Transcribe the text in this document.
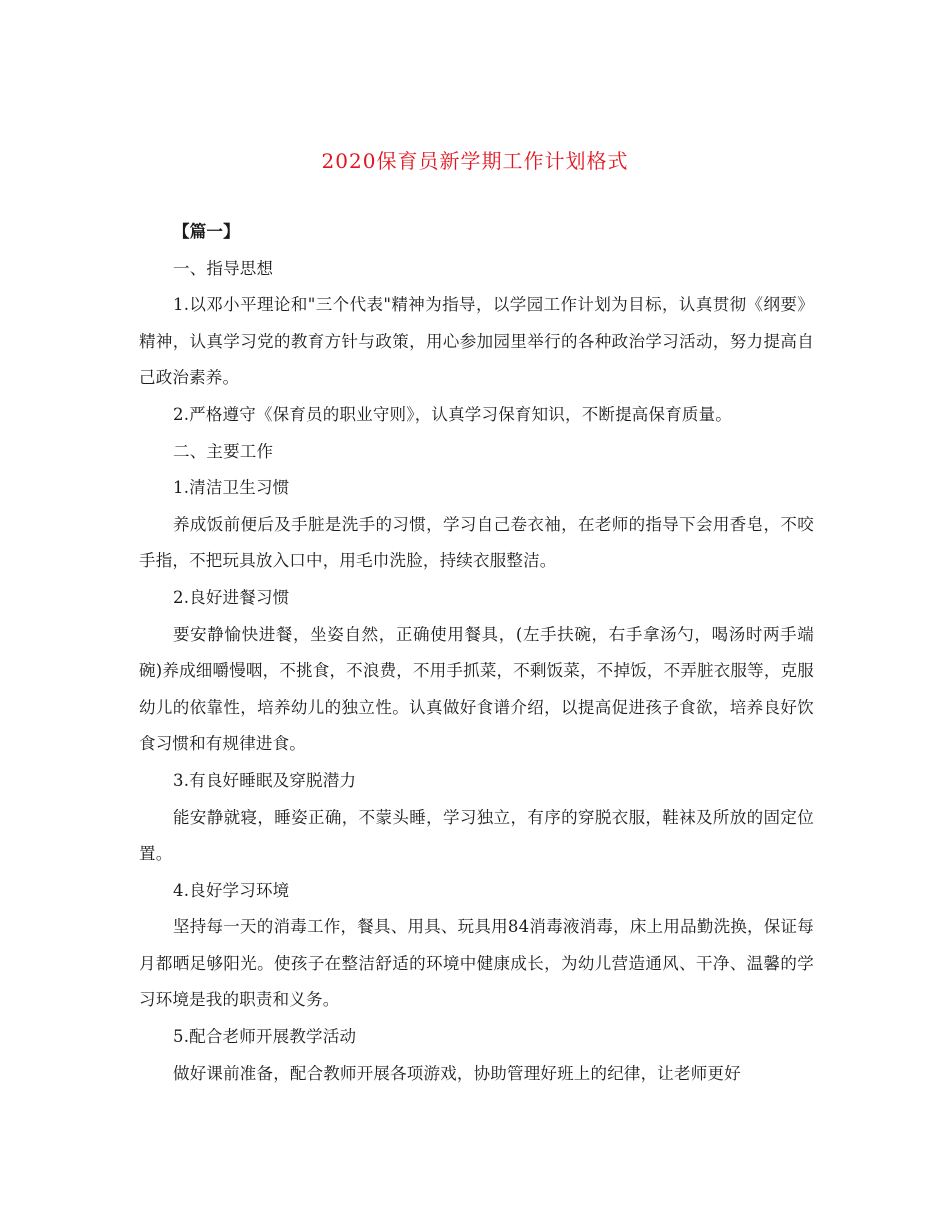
2020保育员新学期工作计划格式

【篇一】

一、指导思想

1.以邓小平理论和"三个代表"精神为指导，以学园工作计划为目标，认真贯彻《纲要》精神，认真学习党的教育方针与政策，用心参加园里举行的各种政治学习活动，努力提高自己政治素养。

2.严格遵守《保育员的职业守则》，认真学习保育知识，不断提高保育质量。

二、主要工作

1.清洁卫生习惯

养成饭前便后及手脏是洗手的习惯，学习自己卷衣袖，在老师的指导下会用香皂，不咬手指，不把玩具放入口中，用毛巾洗脸，持续衣服整洁。

2.良好进餐习惯

要安静愉快进餐，坐姿自然，正确使用餐具，(左手扶碗，右手拿汤勺，喝汤时两手端碗)养成细嚼慢咽，不挑食，不浪费，不用手抓菜，不剩饭菜，不掉饭，不弄脏衣服等，克服幼儿的依靠性，培养幼儿的独立性。认真做好食谱介绍，以提高促进孩子食欲，培养良好饮食习惯和有规律进食。

3.有良好睡眠及穿脱潜力

能安静就寝，睡姿正确，不蒙头睡，学习独立，有序的穿脱衣服，鞋袜及所放的固定位置。

4.良好学习环境

坚持每一天的消毒工作，餐具、用具、玩具用84消毒液消毒，床上用品勤洗换，保证每月都晒足够阳光。使孩子在整洁舒适的环境中健康成长，为幼儿营造通风、干净、温馨的学习环境是我的职责和义务。

5.配合老师开展教学活动

做好课前准备，配合教师开展各项游戏，协助管理好班上的纪律，让老师更好
